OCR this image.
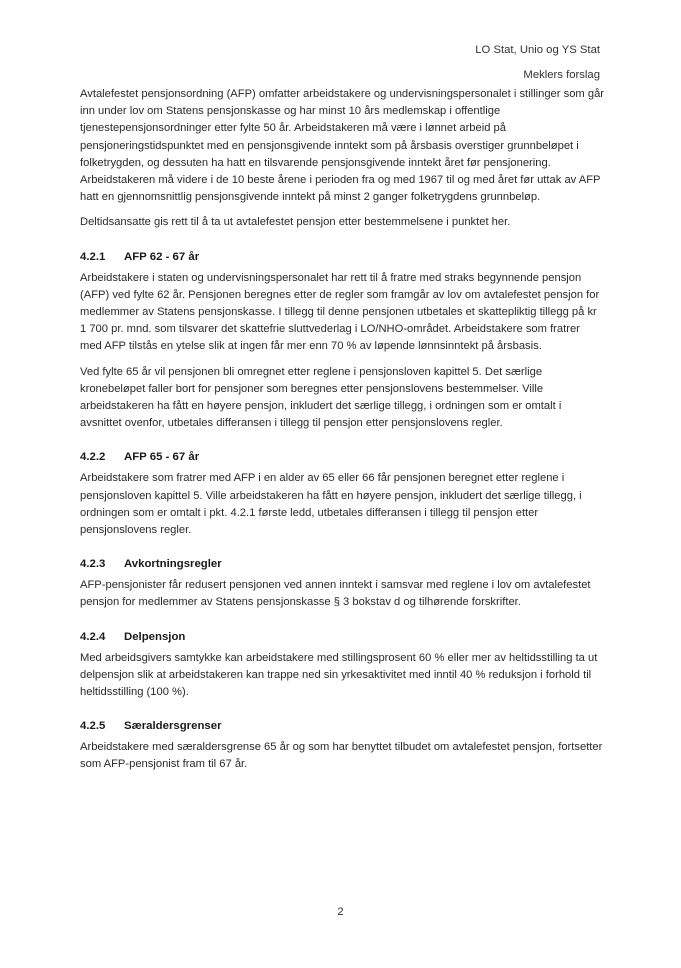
LO Stat, Unio og YS Stat
Meklers forslag

Avtalefestet pensjonsordning (AFP) omfatter arbeidstakere og undervisningspersonalet i stillinger som går inn under lov om Statens pensjonskasse og har minst 10 års medlemskap i offentlige tjenestepensjonsordninger etter fylte 50 år. Arbeidstakeren må være i lønnet arbeid på pensjoneringstidspunktet med en pensjonsgivende inntekt som på årsbasis overstiger grunnbeløpet i folketrygden, og dessuten ha hatt en tilsvarende pensjonsgivende inntekt året før pensjonering. Arbeidstakeren må videre i de 10 beste årene i perioden fra og med 1967 til og med året før uttak av AFP hatt en gjennomsnittlig pensjonsgivende inntekt på minst 2 ganger folketrygdens grunnbeløp.

Deltidsansatte gis rett til å ta ut avtalefestet pensjon etter bestemmelsene i punktet her.

4.2.1 AFP 62 - 67 år

Arbeidstakere i staten og undervisningspersonalet har rett til å fratre med straks begynnende pensjon (AFP) ved fylte 62 år. Pensjonen beregnes etter de regler som framgår av lov om avtalefestet pensjon for medlemmer av Statens pensjonskasse. I tillegg til denne pensjonen utbetales et skattepliktig tillegg på kr 1 700 pr. mnd. som tilsvarer det skattefrie sluttvederlag i LO/NHO-området. Arbeidstakere som fratrer med AFP tilstås en ytelse slik at ingen får mer enn 70 % av løpende lønnsinntekt på årsbasis.

Ved fylte 65 år vil pensjonen bli omregnet etter reglene i pensjonsloven kapittel 5. Det særlige kronebeløpet faller bort for pensjoner som beregnes etter pensjonslovens bestemmelser. Ville arbeidstakeren ha fått en høyere pensjon, inkludert det særlige tillegg, i ordningen som er omtalt i avsnittet ovenfor, utbetales differansen i tillegg til pensjon etter pensjonslovens regler.

4.2.2 AFP 65 - 67 år

Arbeidstakere som fratrer med AFP i en alder av 65 eller 66 får pensjonen beregnet etter reglene i pensjonsloven kapittel 5. Ville arbeidstakeren ha fått en høyere pensjon, inkludert det særlige tillegg, i ordningen som er omtalt i pkt. 4.2.1 første ledd, utbetales differansen i tillegg til pensjon etter pensjonslovens regler.

4.2.3 Avkortningsregler

AFP-pensjonister får redusert pensjonen ved annen inntekt i samsvar med reglene i lov om avtalefestet pensjon for medlemmer av Statens pensjonskasse § 3 bokstav d og tilhørende forskrifter.

4.2.4 Delpensjon

Med arbeidsgivers samtykke kan arbeidstakere med stillingsprosent 60 % eller mer av heltidsstilling ta ut delpensjon slik at arbeidstakeren kan trappe ned sin yrkesaktivitet med inntil 40 % reduksjon i forhold til heltidsstilling (100 %).

4.2.5 Særaldersgrenser

Arbeidstakere med særaldersgrense 65 år og som har benyttet tilbudet om avtalefestet pensjon, fortsetter som AFP-pensjonist fram til 67 år.

2
